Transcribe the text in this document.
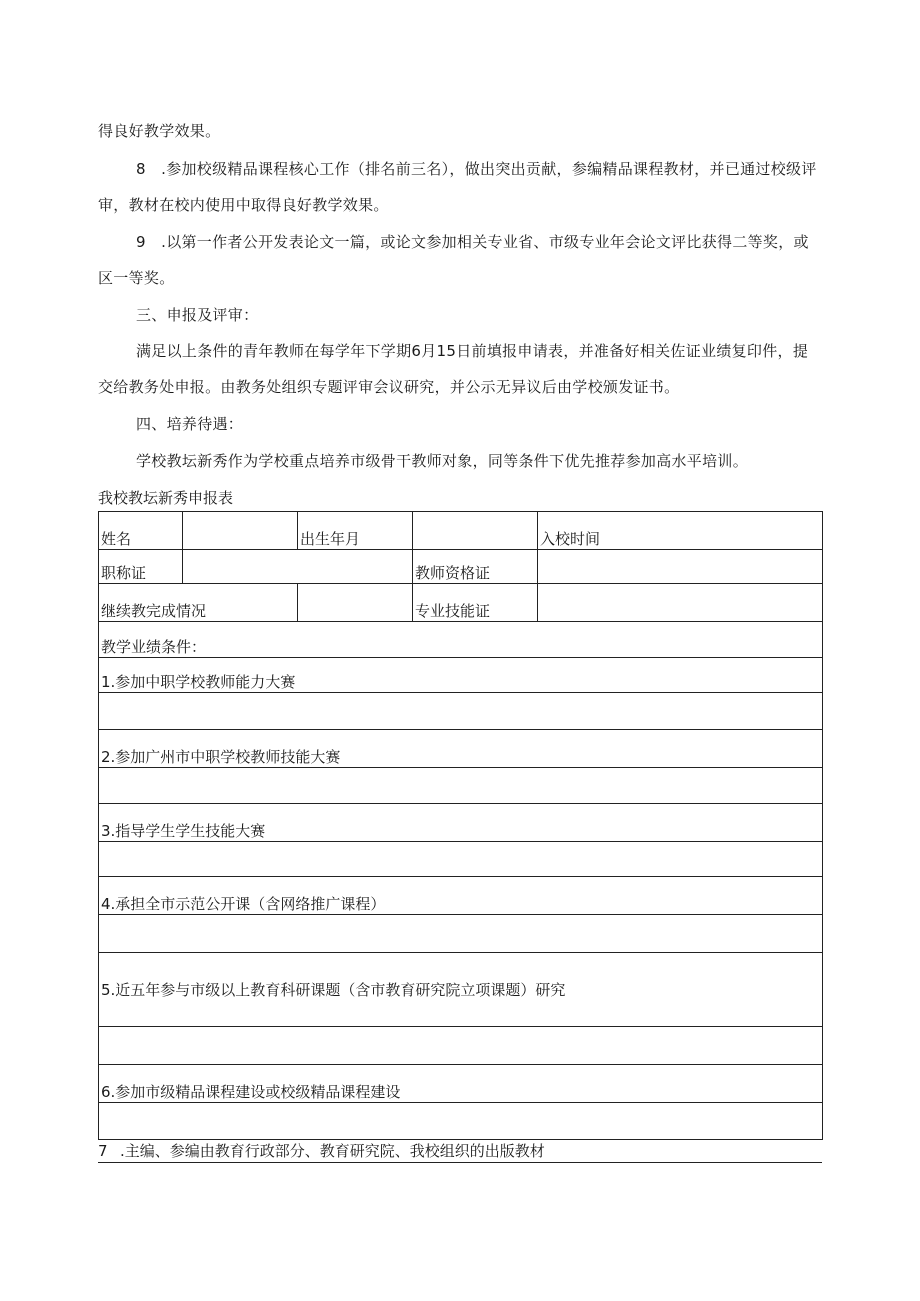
得良好教学效果。

8　.参加校级精品课程核心工作（排名前三名），做出突出贡献，参编精品课程教材，并已通过校级评审，教材在校内使用中取得良好教学效果。

9　.以第一作者公开发表论文一篇，或论文参加相关专业省、市级专业年会论文评比获得二等奖，或区一等奖。

三、申报及评审：

满足以上条件的青年教师在每学年下学期6月15日前填报申请表，并准备好相关佐证业绩复印件，提交给教务处申报。由教务处组织专题评审会议研究，并公示无异议后由学校颁发证书。

四、培养待遇：

学校教坛新秀作为学校重点培养市级骨干教师对象，同等条件下优先推荐参加高水平培训。

我校教坛新秀申报表

姓名		出生年月		入校时间
职称证			教师资格证	
继续教完成情况			专业技能证	
教学业绩条件：				
1.参加中职学校教师能力大赛				

2.参加广州市中职学校教师技能大赛				

3.指导学生学生技能大赛				

4.承担全市示范公开课（含网络推广课程）				

5.近五年参与市级以上教育科研课题（含市教育研究院立项课题）研究				

6.参加市级精品课程建设或校级精品课程建设				

7 .主编、参编由教育行政部分、教育研究院、我校组织的出版教材
